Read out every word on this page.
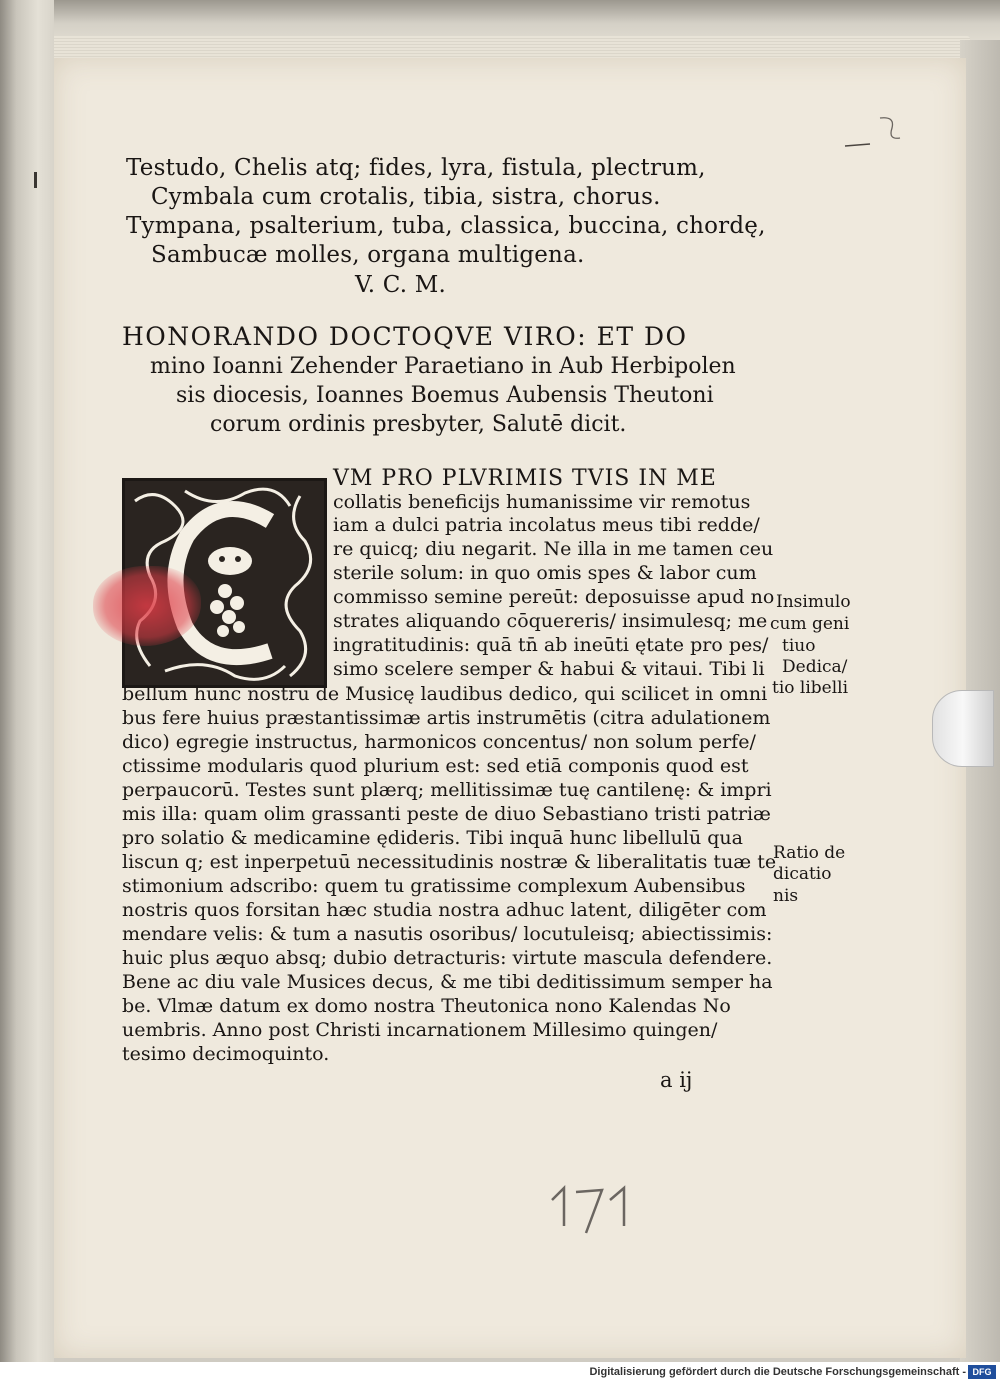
Testudo, Chelis atq; fides, lyra, fistula, plectrum,
Cymbala cum crotalis, tibia, sistra, chorus.
Tympana, psalterium, tuba, classica, buccina, chordę,
Sambucæ molles, organa multigena.
V. C. M.
HONORANDO DOCTOQVE VIRO: ET DO
mino Ioanni Zehender Paraetiano in Aub Herbipolen
sis diocesis, Ioannes Boemus Aubensis Theutoni
corum ordinis presbyter, Salutē dicit.
VM PRO PLVRIMIS TVIS IN ME
collatis beneficijs humanissime vir remotus
iam a dulci patria incolatus meus tibi redde/
re quicq; diu negarit. Ne illa in me tamen ceu
sterile solum: in quo omis spes & labor cum
commisso semine pereūt: deposuisse apud no
strates aliquando cōquereris/ insimulesq; me
ingratitudinis: quā tn̄ ab ineūti ętate pro pes/
simo scelere semper & habui & vitaui. Tibi li
bellum hunc nostrū de Musicę laudibus dedico, qui scilicet in omni
bus fere huius præstantissimæ artis instrumētis (citra adulationem
dico) egregie instructus, harmonicos concentus/ non solum perfe/
ctissime modularis quod plurium est: sed etiā componis quod est
perpaucorū. Testes sunt plærq; mellitissimæ tuę cantilenę: & impri
mis illa: quam olim grassanti peste de diuo Sebastiano tristi patriæ
pro solatio & medicamine ędideris. Tibi inquā hunc libellulū qua
liscun q; est inperpetuū necessitudinis nostræ & liberalitatis tuæ te
stimonium adscribo: quem tu gratissime complexum Aubensibus
nostris quos forsitan hæc studia nostra adhuc latent, diligēter com
mendare velis: & tum a nasutis osoribus/ locutuleisq; abiectissimis:
huic plus æquo absq; dubio detracturis: virtute mascula defendere.
Bene ac diu vale Musices decus, & me tibi deditissimum semper ha
be. Vlmæ datum ex domo nostra Theutonica nono Kalendas No
uembris. Anno post Christi incarnationem Millesimo quingen/
tesimo decimoquinto.
Insimulo
cum geni
tiuo
Dedica/
tio libelli
Ratio de
dicatio
nis
a ij
Digitalisierung gefördert durch die Deutsche Forschungsgemeinschaft - DFG
